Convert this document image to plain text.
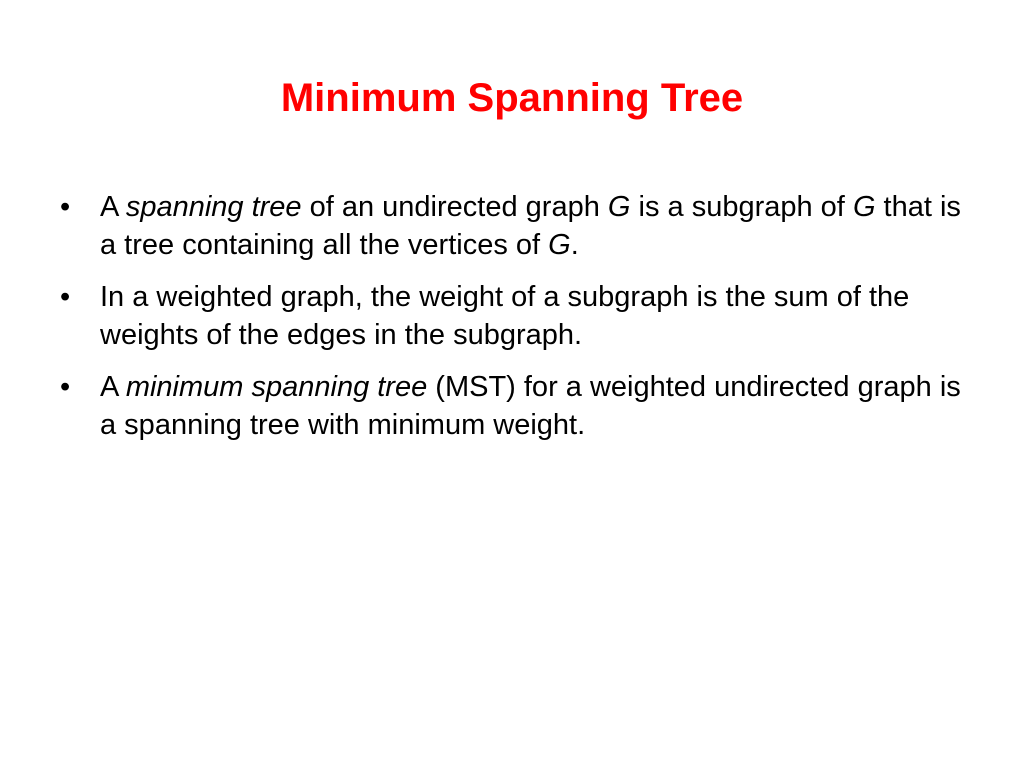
Minimum Spanning Tree
•	A spanning tree of an undirected graph G is a subgraph of G that is a tree containing all the vertices of G.
•	In a weighted graph, the weight of a subgraph is the sum of the weights of the edges in the subgraph.
•	A minimum spanning tree (MST) for a weighted undirected graph is a spanning tree with minimum weight.
